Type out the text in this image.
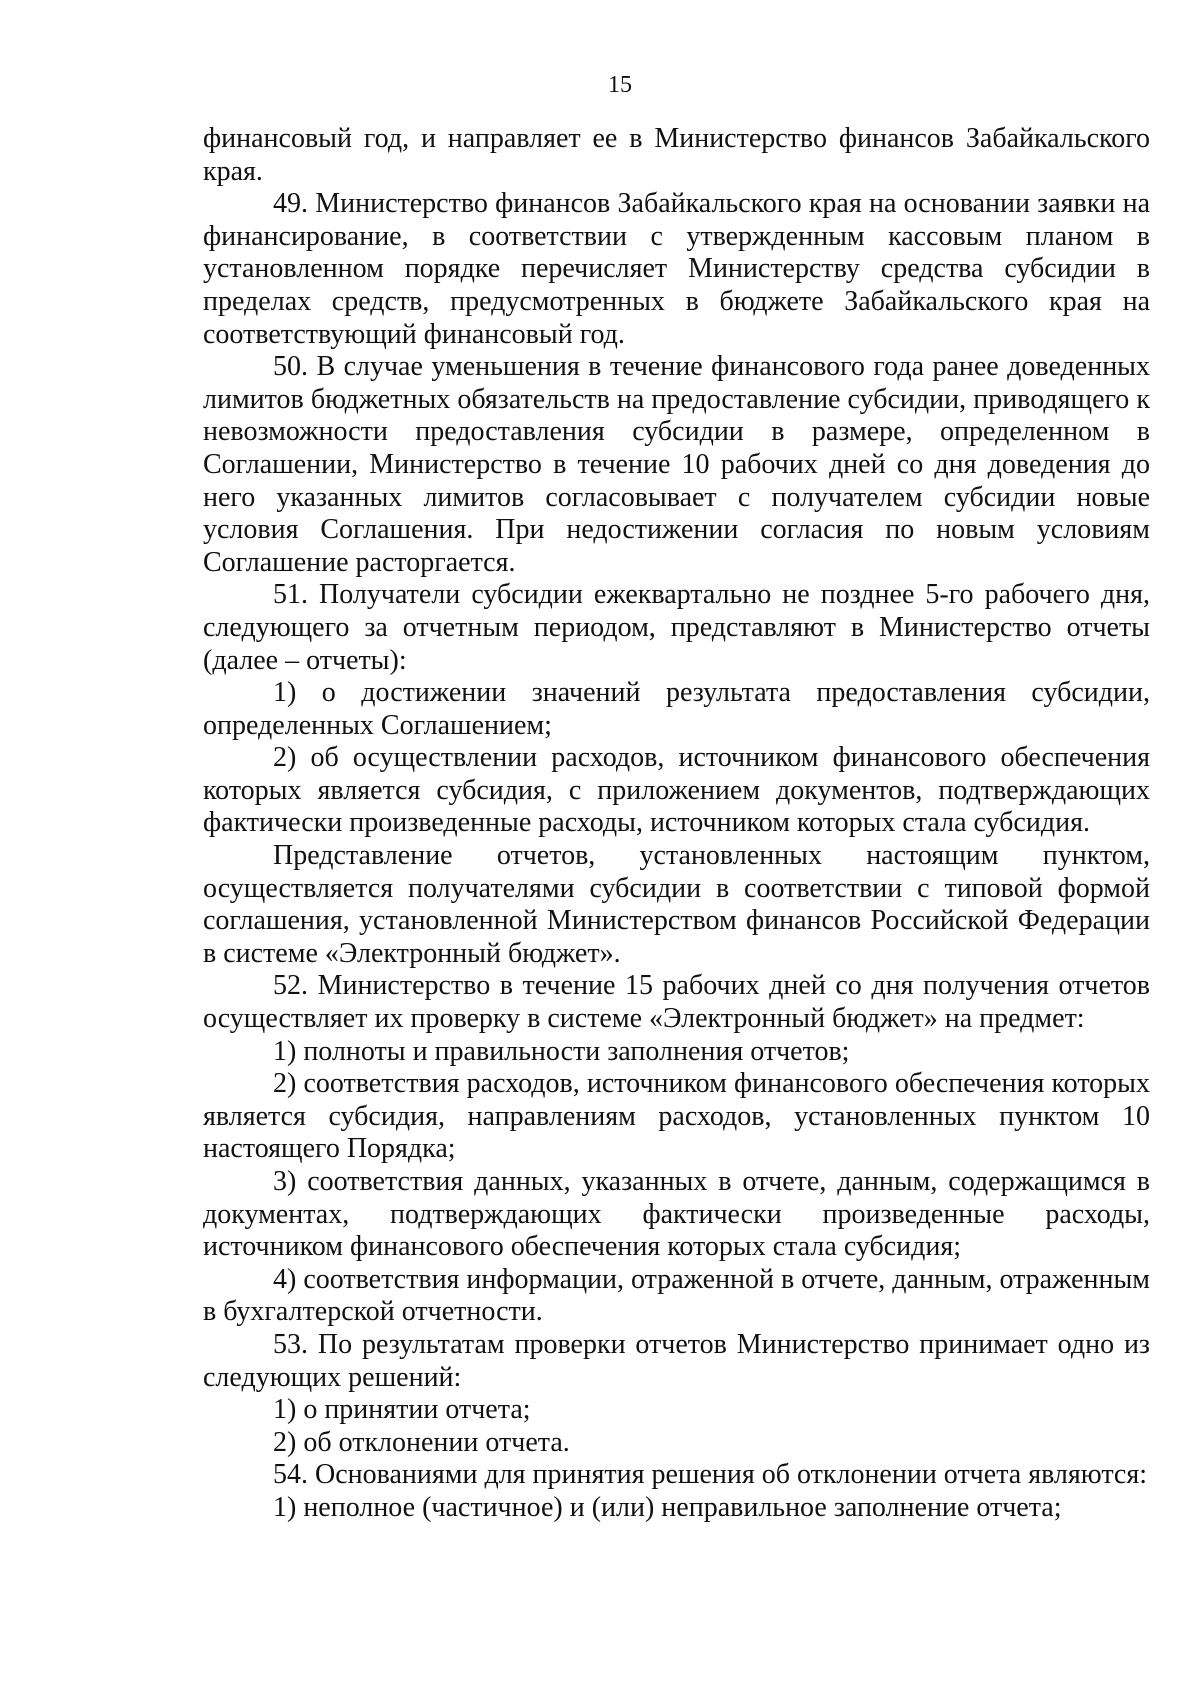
15

финансовый год, и направляет ее в Министерство финансов Забайкальского края.

49. Министерство финансов Забайкальского края на основании заявки на финансирование, в соответствии с утвержденным кассовым планом в установленном порядке перечисляет Министерству средства субсидии в пределах средств, предусмотренных в бюджете Забайкальского края на соответствующий финансовый год.

50. В случае уменьшения в течение финансового года ранее доведенных лимитов бюджетных обязательств на предоставление субсидии, приводящего к невозможности предоставления субсидии в размере, определенном в Соглашении, Министерство в течение 10 рабочих дней со дня доведения до него указанных лимитов согласовывает с получателем субсидии новые условия Соглашения. При недостижении согласия по новым условиям Соглашение расторгается.

51. Получатели субсидии ежеквартально не позднее 5-го рабочего дня, следующего за отчетным периодом, представляют в Министерство отчеты (далее – отчеты):

1) о достижении значений результата предоставления субсидии, определенных Соглашением;

2) об осуществлении расходов, источником финансового обеспечения которых является субсидия, с приложением документов, подтверждающих фактически произведенные расходы, источником которых стала субсидия.

Представление отчетов, установленных настоящим пунктом, осуществляется получателями субсидии в соответствии с типовой формой соглашения, установленной Министерством финансов Российской Федерации в системе «Электронный бюджет».

52. Министерство в течение 15 рабочих дней со дня получения отчетов осуществляет их проверку в системе «Электронный бюджет» на предмет:

1) полноты и правильности заполнения отчетов;

2) соответствия расходов, источником финансового обеспечения которых является субсидия, направлениям расходов, установленных пунктом 10 настоящего Порядка;

3) соответствия данных, указанных в отчете, данным, содержащимся в документах, подтверждающих фактически произведенные расходы, источником финансового обеспечения которых стала субсидия;

4) соответствия информации, отраженной в отчете, данным, отраженным в бухгалтерской отчетности.

53. По результатам проверки отчетов Министерство принимает одно из следующих решений:

1) о принятии отчета;

2) об отклонении отчета.

54. Основаниями для принятия решения об отклонении отчета являются:

1) неполное (частичное) и (или) неправильное заполнение отчета;
